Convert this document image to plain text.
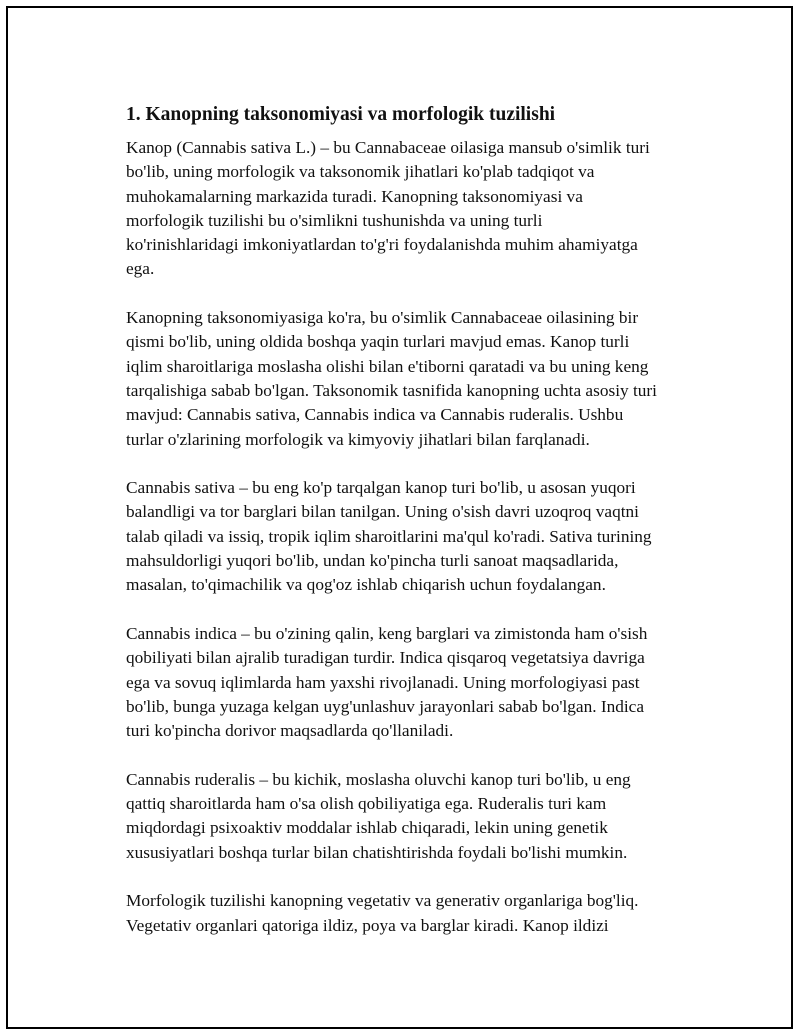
1. Kanopning taksonomiyasi va morfologik tuzilishi

Kanop (Cannabis sativa L.) – bu Cannabaceae oilasiga mansub o'simlik turi
bo'lib, uning morfologik va taksonomik jihatlari ko'plab tadqiqot va
muhokamalarning markazida turadi. Kanopning taksonomiyasi va
morfologik tuzilishi bu o'simlikni tushunishda va uning turli
ko'rinishlaridagi imkoniyatlardan to'g'ri foydalanishda muhim ahamiyatga
ega.

Kanopning taksonomiyasiga ko'ra, bu o'simlik Cannabaceae oilasining bir
qismi bo'lib, uning oldida boshqa yaqin turlari mavjud emas. Kanop turli
iqlim sharoitlariga moslasha olishi bilan e'tiborni qaratadi va bu uning keng
tarqalishiga sabab bo'lgan. Taksonomik tasnifida kanopning uchta asosiy turi
mavjud: Cannabis sativa, Cannabis indica va Cannabis ruderalis. Ushbu
turlar o'zlarining morfologik va kimyoviy jihatlari bilan farqlanadi.

Cannabis sativa – bu eng ko'p tarqalgan kanop turi bo'lib, u asosan yuqori
balandligi va tor barglari bilan tanilgan. Uning o'sish davri uzoqroq vaqtni
talab qiladi va issiq, tropik iqlim sharoitlarini ma'qul ko'radi. Sativa turining
mahsuldorligi yuqori bo'lib, undan ko'pincha turli sanoat maqsadlarida,
masalan, to'qimachilik va qog'oz ishlab chiqarish uchun foydalangan.

Cannabis indica – bu o'zining qalin, keng barglari va zimistonda ham o'sish
qobiliyati bilan ajralib turadigan turdir. Indica qisqaroq vegetatsiya davriga
ega va sovuq iqlimlarda ham yaxshi rivojlanadi. Uning morfologiyasi past
bo'lib, bunga yuzaga kelgan uyg'unlashuv jarayonlari sabab bo'lgan. Indica
turi ko'pincha dorivor maqsadlarda qo'llaniladi.

Cannabis ruderalis – bu kichik, moslasha oluvchi kanop turi bo'lib, u eng
qattiq sharoitlarda ham o'sa olish qobiliyatiga ega. Ruderalis turi kam
miqdordagi psixoaktiv moddalar ishlab chiqaradi, lekin uning genetik
xususiyatlari boshqa turlar bilan chatishtirishda foydali bo'lishi mumkin.

Morfologik tuzilishi kanopning vegetativ va generativ organlariga bog'liq.
Vegetativ organlari qatoriga ildiz, poya va barglar kiradi. Kanop ildizi
